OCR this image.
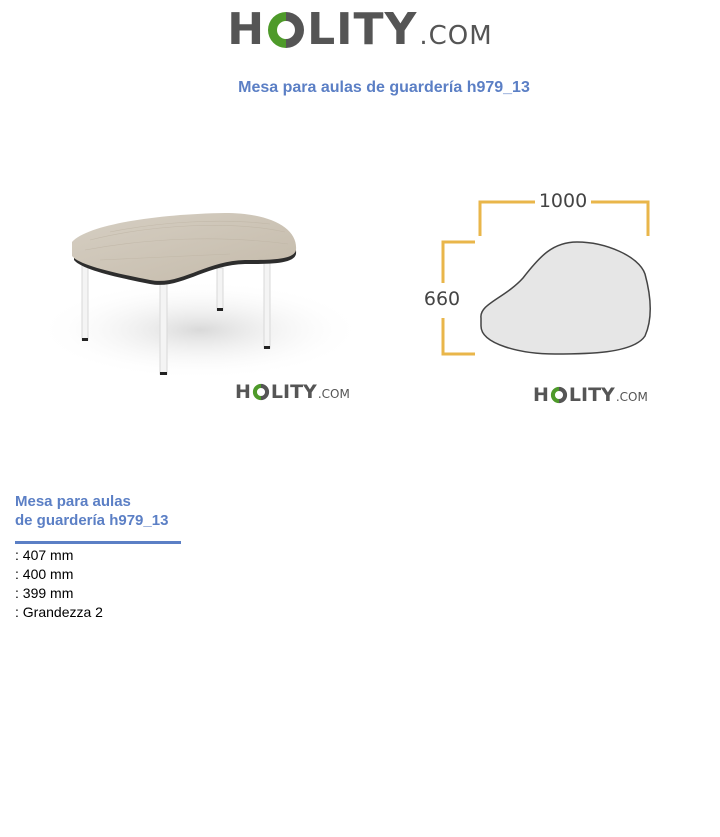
H LITY .COM
Mesa para aulas de guardería h979_13
H LITY .COM
1000
660
H LITY .COM
Mesa para aulas
de guardería h979_13
: 407 mm
: 400 mm
: 399 mm
: Grandezza 2
